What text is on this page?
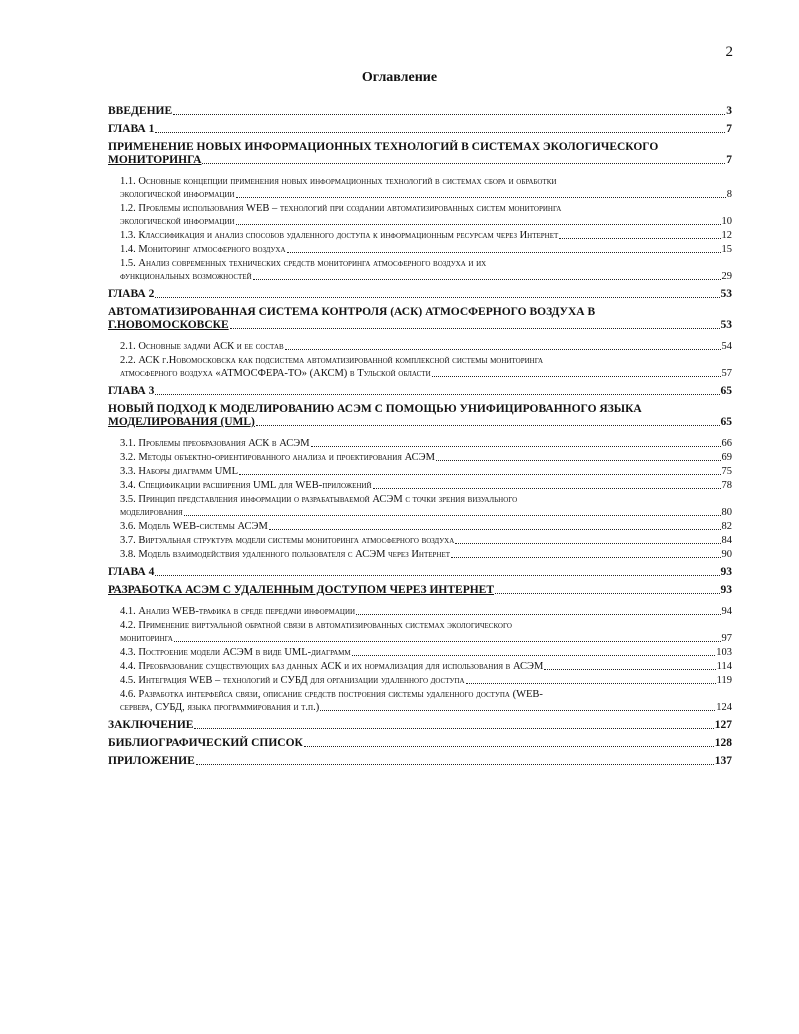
2
Оглавление
ВВЕДЕНИЕ	3
ГЛАВА 1	7
ПРИМЕНЕНИЕ НОВЫХ ИНФОРМАЦИОННЫХ ТЕХНОЛОГИЙ В СИСТЕМАХ ЭКОЛОГИЧЕСКОГО
МОНИТОРИНГА	7
1.1. Основные концепции применения новых информационных технологий в системах сбора и обработки
экологической информации	8
1.2. Проблемы использования WEB – технологий при создании автоматизированных систем мониторинга
экологической информации	10
1.3. Классификация и анализ способов удаленного доступа к информационным ресурсам через Интернет	12
1.4. Мониторинг атмосферного воздуха	15
1.5. Анализ современных технических средств мониторинга атмосферного воздуха и их
функциональных возможностей	29
ГЛАВА 2	53
АВТОМАТИЗИРОВАННАЯ СИСТЕМА КОНТРОЛЯ (АСК) АТМОСФЕРНОГО ВОЗДУХА В
Г.НОВОМОСКОВСКЕ	53
2.1. Основные задачи АСК и ее состав	54
2.2. АСК г.Новомосковска как подсистема автоматизированной комплексной системы мониторинга
атмосферного воздуха «АТМОСФЕРА-ТО» (АКСМ) в Тульской области	57
ГЛАВА 3	65
НОВЫЙ ПОДХОД К МОДЕЛИРОВАНИЮ АСЭМ С ПОМОЩЬЮ УНИФИЦИРОВАННОГО ЯЗЫКА
МОДЕЛИРОВАНИЯ (UML)	65
3.1. Проблемы преобразования АСК в АСЭМ	66
3.2. Методы объектно-ориентированного анализа и проектирования АСЭМ	69
3.3. Наборы диаграмм UML	75
3.4. Спецификации расширения UML для WEB-приложений	78
3.5. Принцип представления информации о разрабатываемой АСЭМ с точки зрения визуального
моделирования	80
3.6. Модель WEB-системы АСЭМ	82
3.7. Виртуальная структура модели системы мониторинга атмосферного воздуха	84
3.8. Модель взаимодействия удаленного пользователя с АСЭМ через Интернет	90
ГЛАВА 4	93
РАЗРАБОТКА АСЭМ С УДАЛЕННЫМ ДОСТУПОМ ЧЕРЕЗ ИНТЕРНЕТ	93
4.1. Анализ WEB-трафика в среде передачи информации	94
4.2. Применение виртуальной обратной связи в автоматизированных системах экологического
мониторинга	97
4.3. Построение модели АСЭМ в виде UML-диаграмм	103
4.4. Преобразование существующих баз данных АСК и их нормализация для использования в АСЭМ	114
4.5. Интеграция WEB – технологий и СУБД для организации удаленного доступа	119
4.6. Разработка интерфейса связи, описание средств построения системы удаленного доступа (WEB-
сервера, СУБД, языка программирования и т.п.)	124
ЗАКЛЮЧЕНИЕ	127
БИБЛИОГРАФИЧЕСКИЙ СПИСОК	128
ПРИЛОЖЕНИЕ	137
